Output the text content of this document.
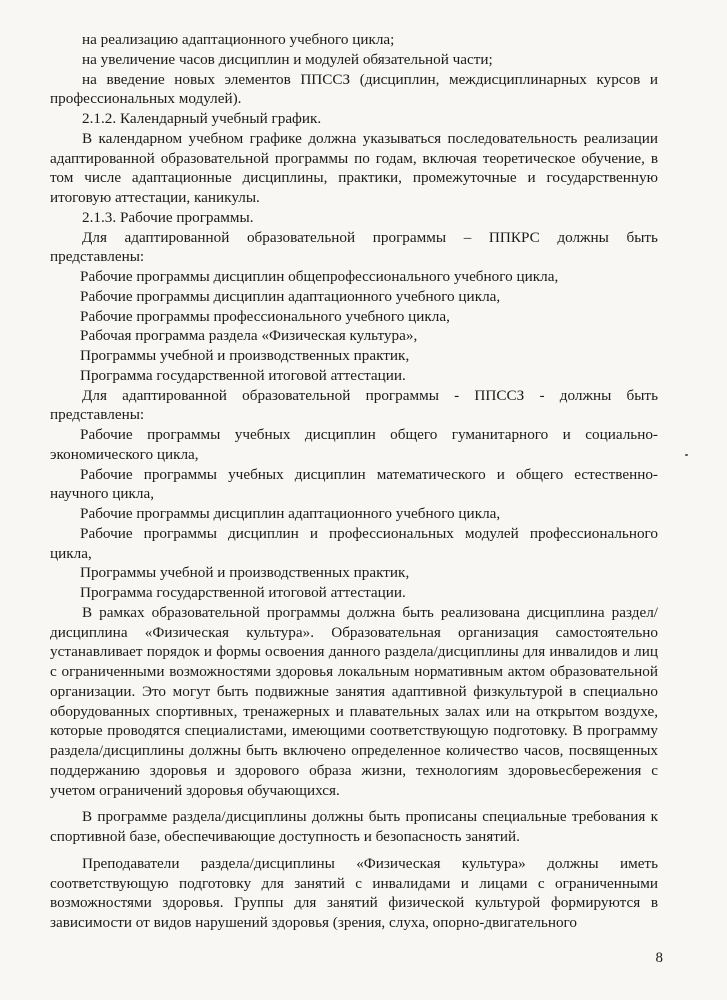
на реализацию адаптационного учебного цикла;

на увеличение часов дисциплин и модулей обязательной части;

на введение новых элементов ППССЗ (дисциплин, междисциплинарных курсов и профессиональных модулей).

2.1.2. Календарный учебный график.

В календарном учебном графике должна указываться последовательность реализации адаптированной образовательной программы по годам, включая теоретическое обучение, в том числе адаптационные дисциплины, практики, промежуточные и государственную итоговую аттестации, каникулы.

2.1.3. Рабочие программы.

Для адаптированной образовательной программы – ППКРС должны быть представлены:

Рабочие программы дисциплин общепрофессионального учебного цикла,

Рабочие программы дисциплин адаптационного учебного цикла,

Рабочие программы профессионального учебного цикла,

Рабочая программа раздела «Физическая культура»,

Программы учебной и производственных практик,

Программа государственной итоговой аттестации.

Для адаптированной образовательной программы - ППССЗ - должны быть представлены:

Рабочие программы учебных дисциплин общего гуманитарного и социально-экономического цикла,

Рабочие программы учебных дисциплин математического и общего естественно-научного цикла,

Рабочие программы дисциплин адаптационного учебного цикла,

Рабочие программы дисциплин и профессиональных модулей профессионального цикла,

Программы учебной и производственных практик,

Программа государственной итоговой аттестации.

В рамках образовательной программы должна быть реализована дисциплина раздел/дисциплина «Физическая культура». Образовательная организация самостоятельно устанавливает порядок и формы освоения данного раздела/дисциплины для инвалидов и лиц с ограниченными возможностями здоровья локальным нормативным актом образовательной организации. Это могут быть подвижные занятия адаптивной физкультурой в специально оборудованных спортивных, тренажерных и плавательных залах или на открытом воздухе, которые проводятся специалистами, имеющими соответствующую подготовку. В программу раздела/дисциплины должны быть включено определенное количество часов, посвященных поддержанию здоровья и здорового образа жизни, технологиям здоровьесбережения с учетом ограничений здоровья обучающихся.

В программе раздела/дисциплины должны быть прописаны специальные требования к спортивной базе, обеспечивающие доступность и безопасность занятий.

Преподаватели раздела/дисциплины «Физическая культура» должны иметь соответствующую подготовку для занятий с инвалидами и лицами с ограниченными возможностями здоровья. Группы для занятий физической культурой формируются в зависимости от видов нарушений здоровья (зрения, слуха, опорно-двигательного

8
